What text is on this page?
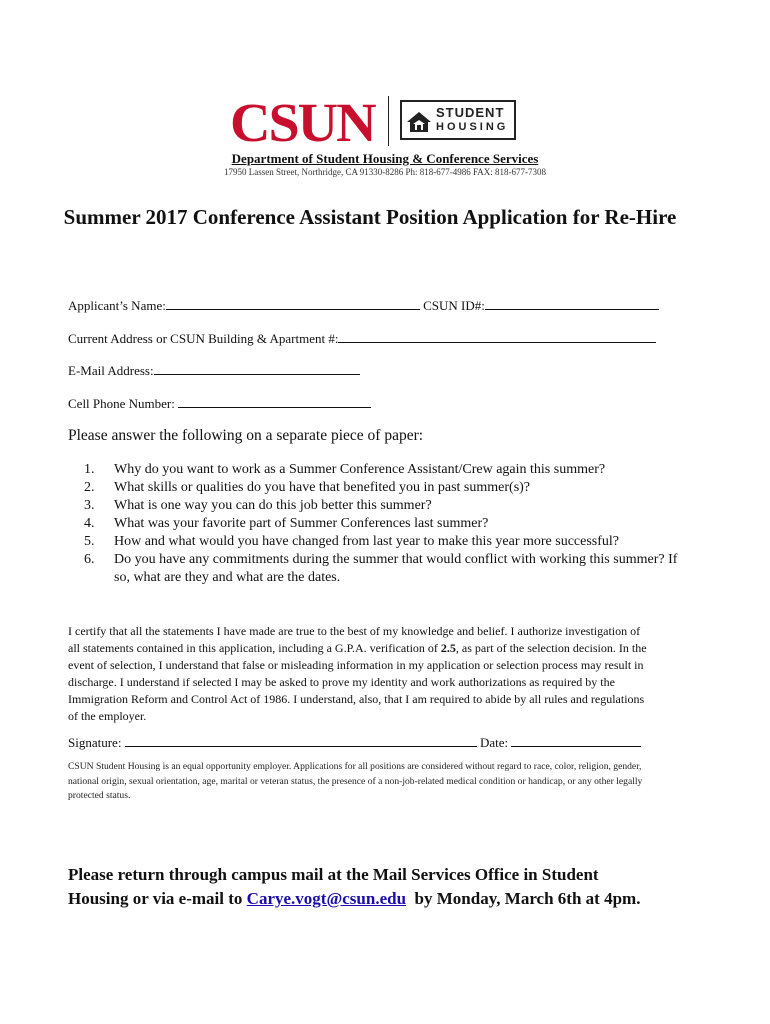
CSUN	STUDENT
HOUSING
Department of Student Housing & Conference Services
17950 Lassen Street, Northridge, CA 91330-8286 Ph: 818-677-4986 FAX: 818-677-7308
Summer 2017 Conference Assistant Position Application for Re-Hire
Applicant’s Name:	CSUN ID#:
Current Address or CSUN Building & Apartment #:
E-Mail Address:
Cell Phone Number:
Please answer the following on a separate piece of paper:
1.	Why do you want to work as a Summer Conference Assistant/Crew again this summer?
2.	What skills or qualities do you have that benefited you in past summer(s)?
3.	What is one way you can do this job better this summer?
4.	What was your favorite part of Summer Conferences last summer?
5.	How and what would you have changed from last year to make this year more successful?
6.	Do you have any commitments during the summer that would conflict with working this summer? If so, what are they and what are the dates.
I certify that all the statements I have made are true to the best of my knowledge and belief. I authorize investigation of all statements contained in this application, including a G.P.A. verification of 2.5, as part of the selection decision. In the event of selection, I understand that false or misleading information in my application or selection process may result in discharge. I understand if selected I may be asked to prove my identity and work authorizations as required by the Immigration Reform and Control Act of 1986. I understand, also, that I am required to abide by all rules and regulations of the employer.
Signature:	Date:
CSUN Student Housing is an equal opportunity employer. Applications for all positions are considered without regard to race, color, religion, gender, national origin, sexual orientation, age, marital or veteran status, the presence of a non-job-related medical condition or handicap, or any other legally protected status.
Please return through campus mail at the Mail Services Office in Student
Housing or via e-mail to Carye.vogt@csun.edu  by Monday, March 6th at 4pm.
